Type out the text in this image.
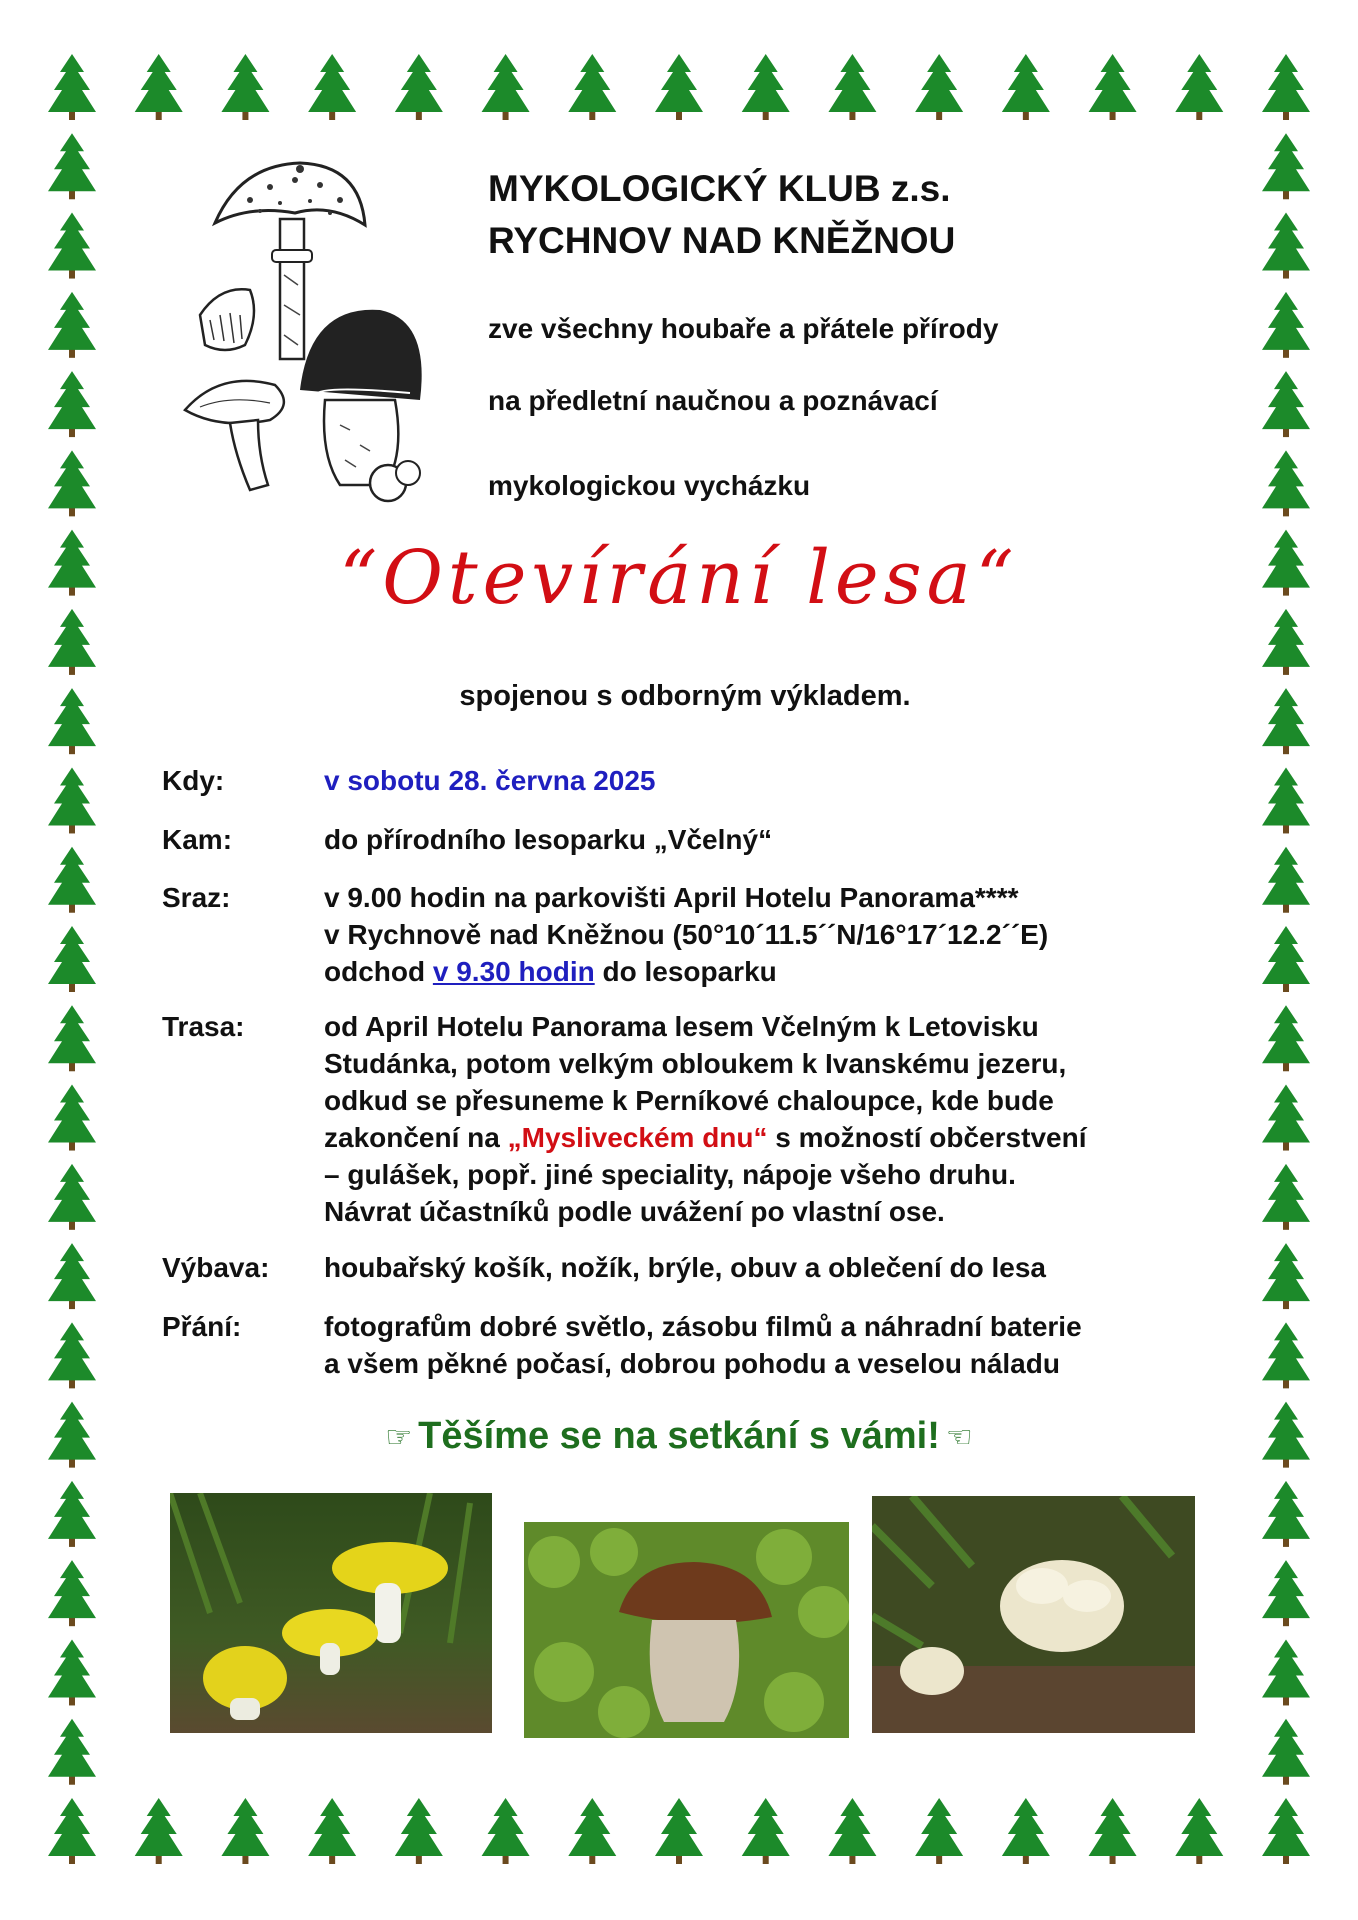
MYKOLOGICKÝ KLUB z.s.
RYCHNOV NAD KNĚŽNOU
zve všechny houbaře a přátele přírody
na předletní naučnou a poznávací
mykologickou vycházku
“Otevírání lesa“
spojenou s odborným výkladem.
Kdy:	v sobotu 28. června 2025
Kam:	do přírodního lesoparku „Včelný“
Sraz:	v 9.00 hodin na parkovišti April Hotelu Panorama****
v Rychnově nad Kněžnou (50°10´11.5´´N/16°17´12.2´´E)
odchod v 9.30 hodin do lesoparku
Trasa:	od April Hotelu Panorama lesem Včelným k Letovisku
Studánka, potom velkým obloukem k Ivanskému jezeru,
odkud se přesuneme k Perníkové chaloupce, kde bude
zakončení na „Mysliveckém dnu“ s možností občerstvení
– gulášek, popř. jiné speciality, nápoje všeho druhu.
Návrat účastníků podle uvážení po vlastní ose.
Výbava:	houbařský košík, nožík, brýle, obuv a oblečení do lesa
Přání:	fotografům dobré světlo, zásobu filmů a náhradní baterie
a všem pěkné počasí, dobrou pohodu a veselou náladu
☞ Těšíme se na setkání s vámi! ☜
